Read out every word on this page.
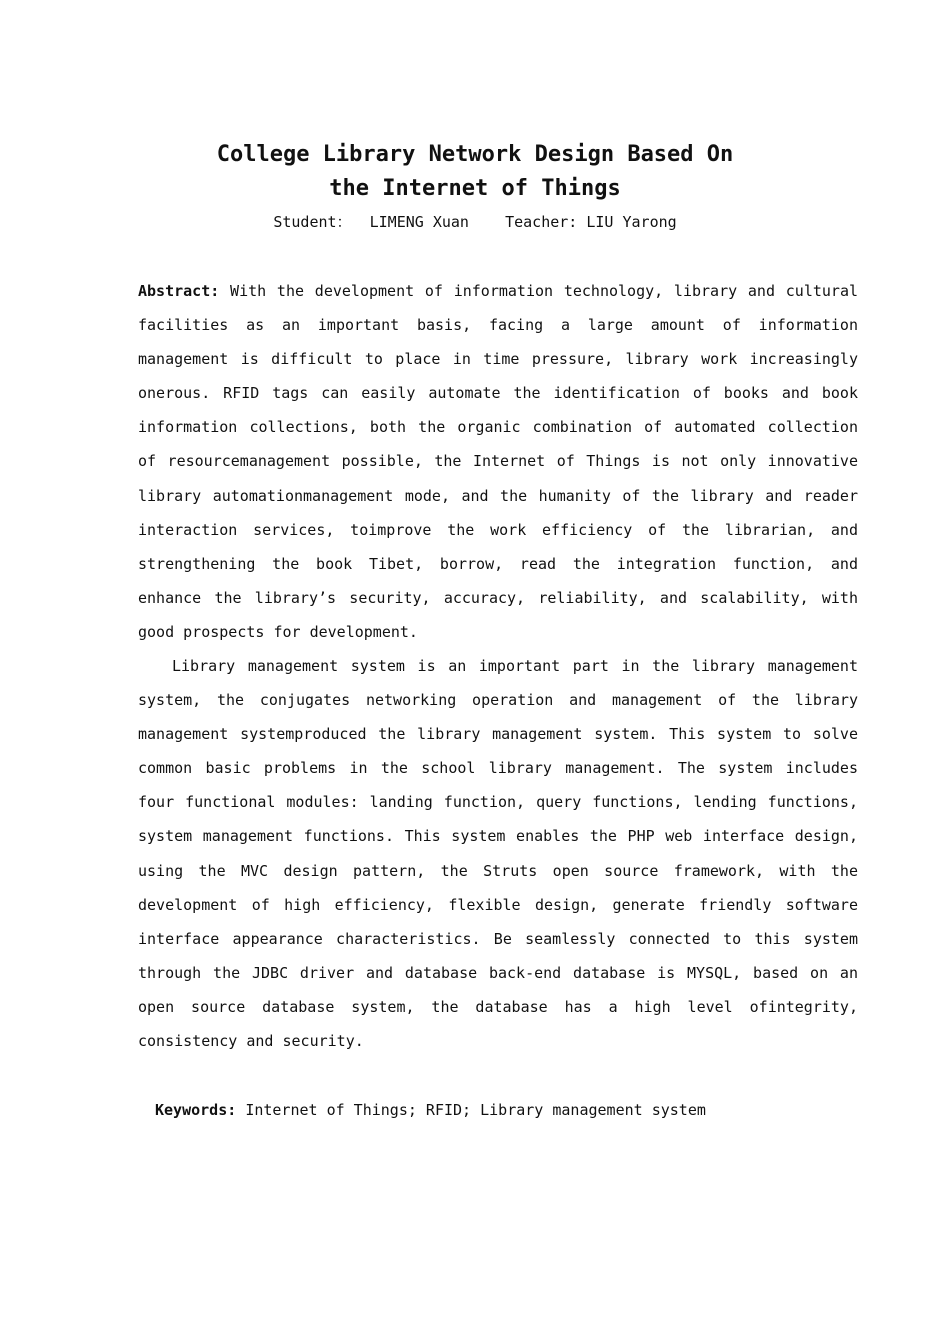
College Library Network Design Based On
the Internet of Things
Student： LIMENG Xuan Teacher: LIU Yarong
Abstract: With the development of information technology, library and cultural facilities as an important basis, facing a large amount of information management is difficult to place in time pressure, library work increasingly onerous. RFID tags can easily automate the identification of books and book information collections, both the organic combination of automated collection of resourcemanagement possible, the Internet of Things is not only innovative library automationmanagement mode, and the humanity of the library and reader interaction services, toimprove the work efficiency of the librarian, and strengthening the book Tibet, borrow, read the integration function, and enhance the library’s security, accuracy, reliability, and scalability, with good prospects for development.
Library management system is an important part in the library management system, the conjugates networking operation and management of the library management systemproduced the library management system. This system to solve common basic problems in the school library management. The system includes four functional modules: landing function, query functions, lending functions, system management functions. This system enables the PHP web interface design, using the MVC design pattern, the Struts open source framework, with the development of high efficiency, flexible design, generate friendly software interface appearance characteristics. Be seamlessly connected to this system through the JDBC driver and database back-end database is MYSQL, based on an open source database system, the database has a high level ofintegrity, consistency and security.
Keywords: Internet of Things; RFID; Library management system
